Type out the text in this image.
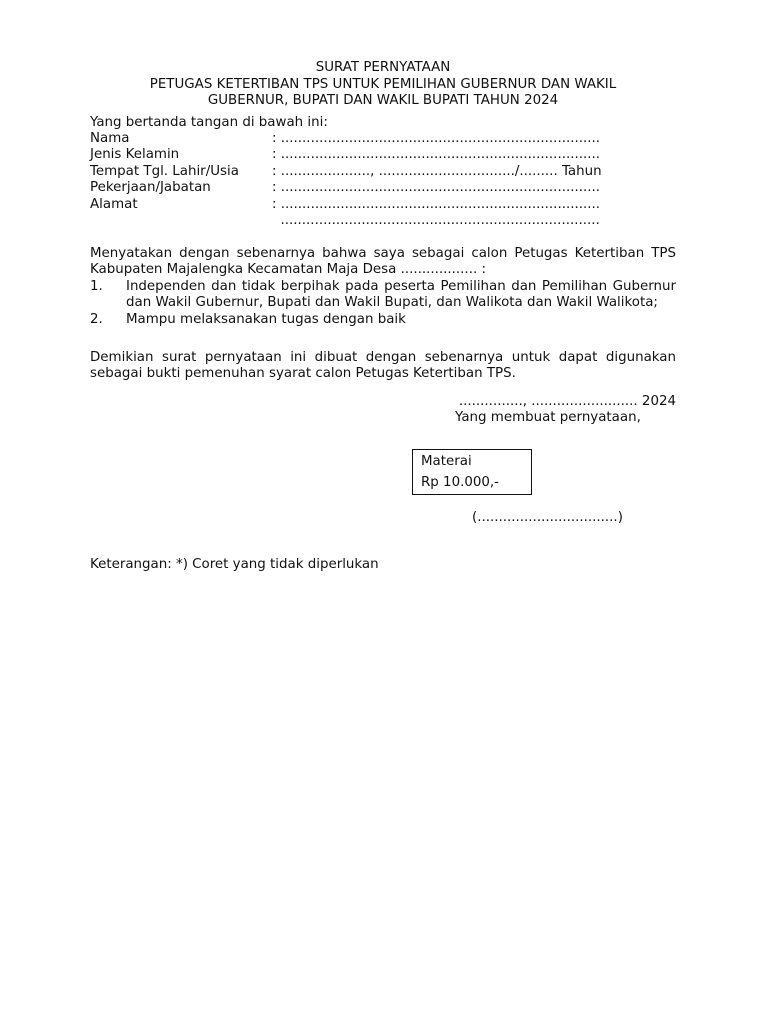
SURAT PERNYATAAN
PETUGAS KETERTIBAN TPS UNTUK PEMILIHAN GUBERNUR DAN WAKIL
GUBERNUR, BUPATI DAN WAKIL BUPATI TAHUN 2024
Yang bertanda tangan di bawah ini:
Nama	: ...........................................................................
Jenis Kelamin	: ...........................................................................
Tempat Tgl. Lahir/Usia	: ....................., ................................/......... Tahun
Pekerjaan/Jabatan	: ...........................................................................
Alamat	: ...........................................................................
...........................................................................
Menyatakan dengan sebenarnya bahwa saya sebagai calon Petugas Ketertiban TPS Kabupaten Majalengka Kecamatan Maja Desa .................. :
1.	Independen dan tidak berpihak pada peserta Pemilihan dan Pemilihan Gubernur dan Wakil Gubernur, Bupati dan Wakil Bupati, dan Walikota dan Wakil Walikota;
2.	Mampu melaksanakan tugas dengan baik
Demikian surat pernyataan ini dibuat dengan sebenarnya untuk dapat digunakan sebagai bukti pemenuhan syarat calon Petugas Ketertiban TPS.
..............., ......................... 2024
Yang membuat pernyataan,
Materai
Rp 10.000,-
(.................................)
Keterangan: *) Coret yang tidak diperlukan
